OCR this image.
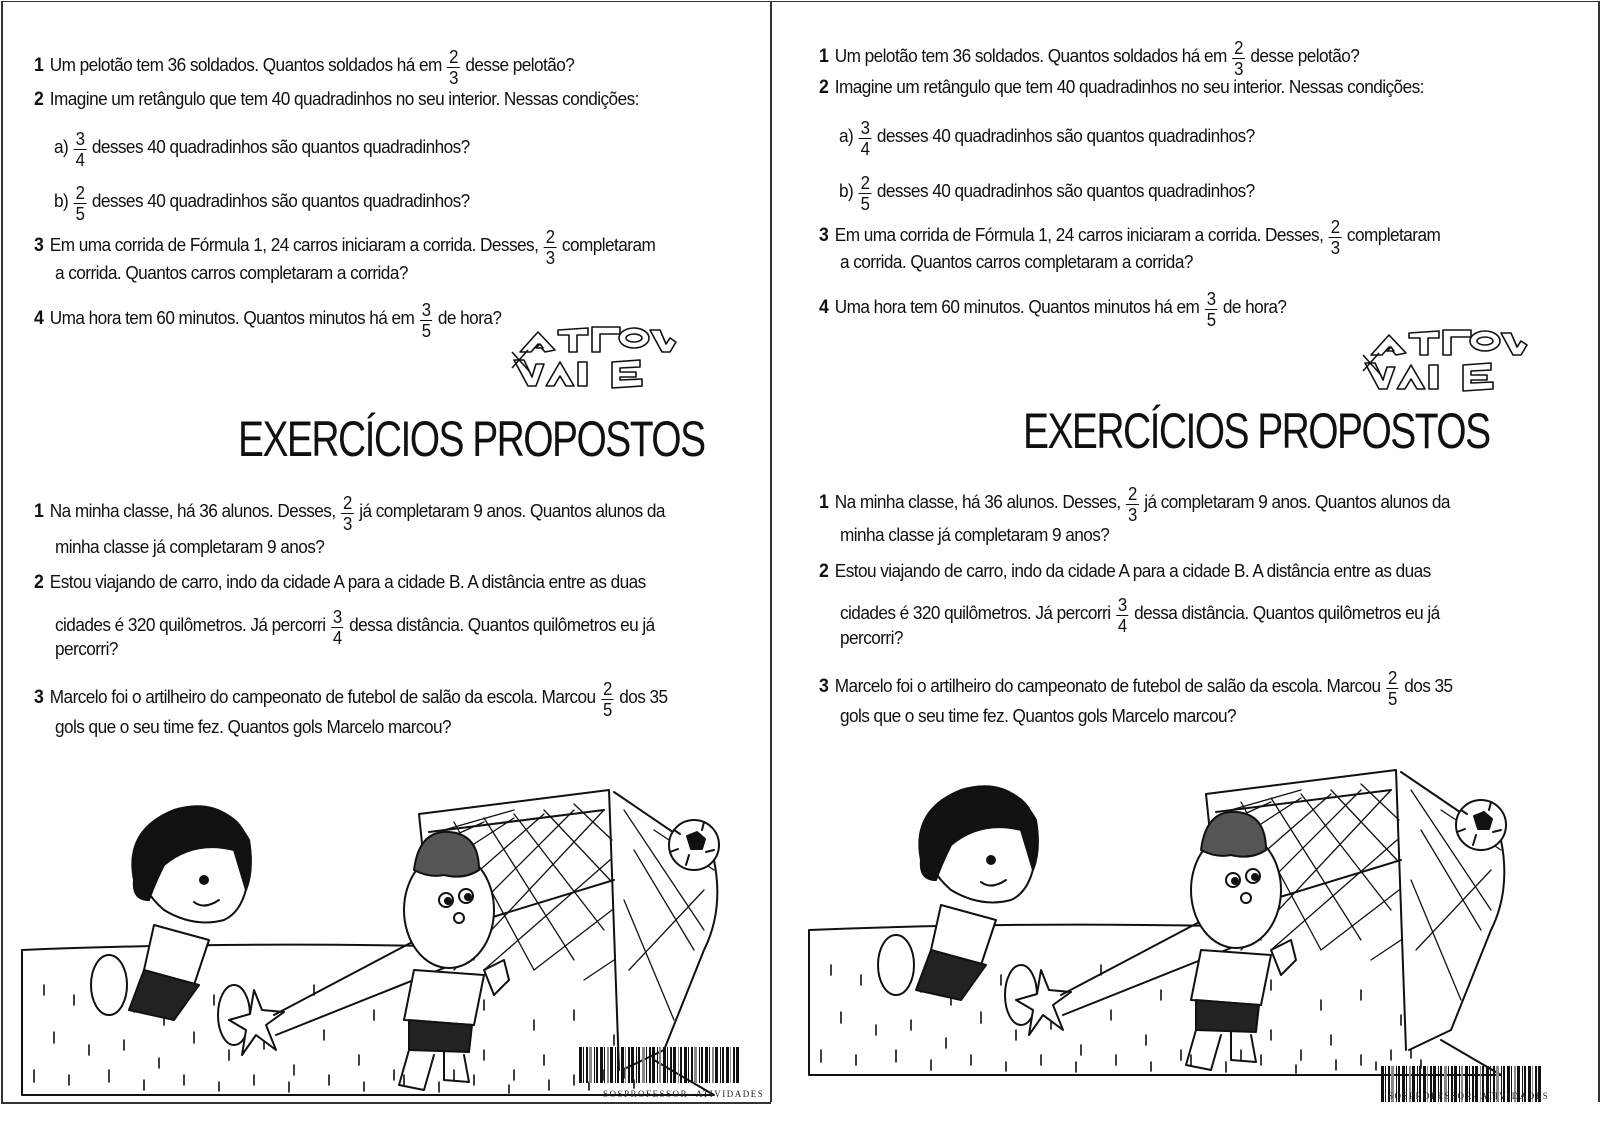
1 Um pelotão tem 36 soldados. Quantos soldados há em $\frac{2}{3}$ desse pelotão?
2 Imagine um retângulo que tem 40 quadradinhos no seu interior. Nessas condições:
$a) \frac{3}{4}$ desses 40 quadradinhos são quantos quadradinhos?
$b) \frac{2}{5}$ desses 40 quadradinhos são quantos quadradinhos?
3 Em uma corrida de Fórmula 1, 24 carros iniciaram a corrida. Desses, $\frac{2}{3}$ completaram
a corrida. Quantos carros completaram a corrida?
4 Uma hora tem 60 minutos. Quantos minutos há em $\frac{3}{5}$ de hora?
EXERCÍCIOS PROPOSTOS
1 Na minha classe, há 36 alunos. Desses, $\frac{2}{3}$ já completaram 9 anos. Quantos alunos da
minha classe já completaram 9 anos?
2 Estou viajando de carro, indo da cidade A para a cidade B. A distância entre as duas
cidades é 320 quilômetros. Já percorri $\frac{3}{4}$ dessa distância. Quantos quilômetros eu já
percorri?
3 Marcelo foi o artilheiro do campeonato de futebol de salão da escola. Marcou $\frac{2}{5}$ dos 35
gols que o seu time fez. Quantos gols Marcelo marcou?
SOSPROFESSOR- ATIVIDADES
1 Um pelotão tem 36 soldados. Quantos soldados há em $\frac{2}{3}$ desse pelotão?
2 Imagine um retângulo que tem 40 quadradinhos no seu interior. Nessas condições:
$a) \frac{3}{4}$ desses 40 quadradinhos são quantos quadradinhos?
$b) \frac{2}{5}$ desses 40 quadradinhos são quantos quadradinhos?
3 Em uma corrida de Fórmula 1, 24 carros iniciaram a corrida. Desses, $\frac{2}{3}$ completaram
a corrida. Quantos carros completaram a corrida?
4 Uma hora tem 60 minutos. Quantos minutos há em $\frac{3}{5}$ de hora?
EXERCÍCIOS PROPOSTOS
1 Na minha classe, há 36 alunos. Desses, $\frac{2}{3}$ já completaram 9 anos. Quantos alunos da
minha classe já completaram 9 anos?
2 Estou viajando de carro, indo da cidade A para a cidade B. A distância entre as duas
cidades é 320 quilômetros. Já percorri $\frac{3}{4}$ dessa distância. Quantos quilômetros eu já
percorri?
3 Marcelo foi o artilheiro do campeonato de futebol de salão da escola. Marcou $\frac{2}{5}$ dos 35
gols que o seu time fez. Quantos gols Marcelo marcou?
SOSPROFESSOR- ATIVIDADES
